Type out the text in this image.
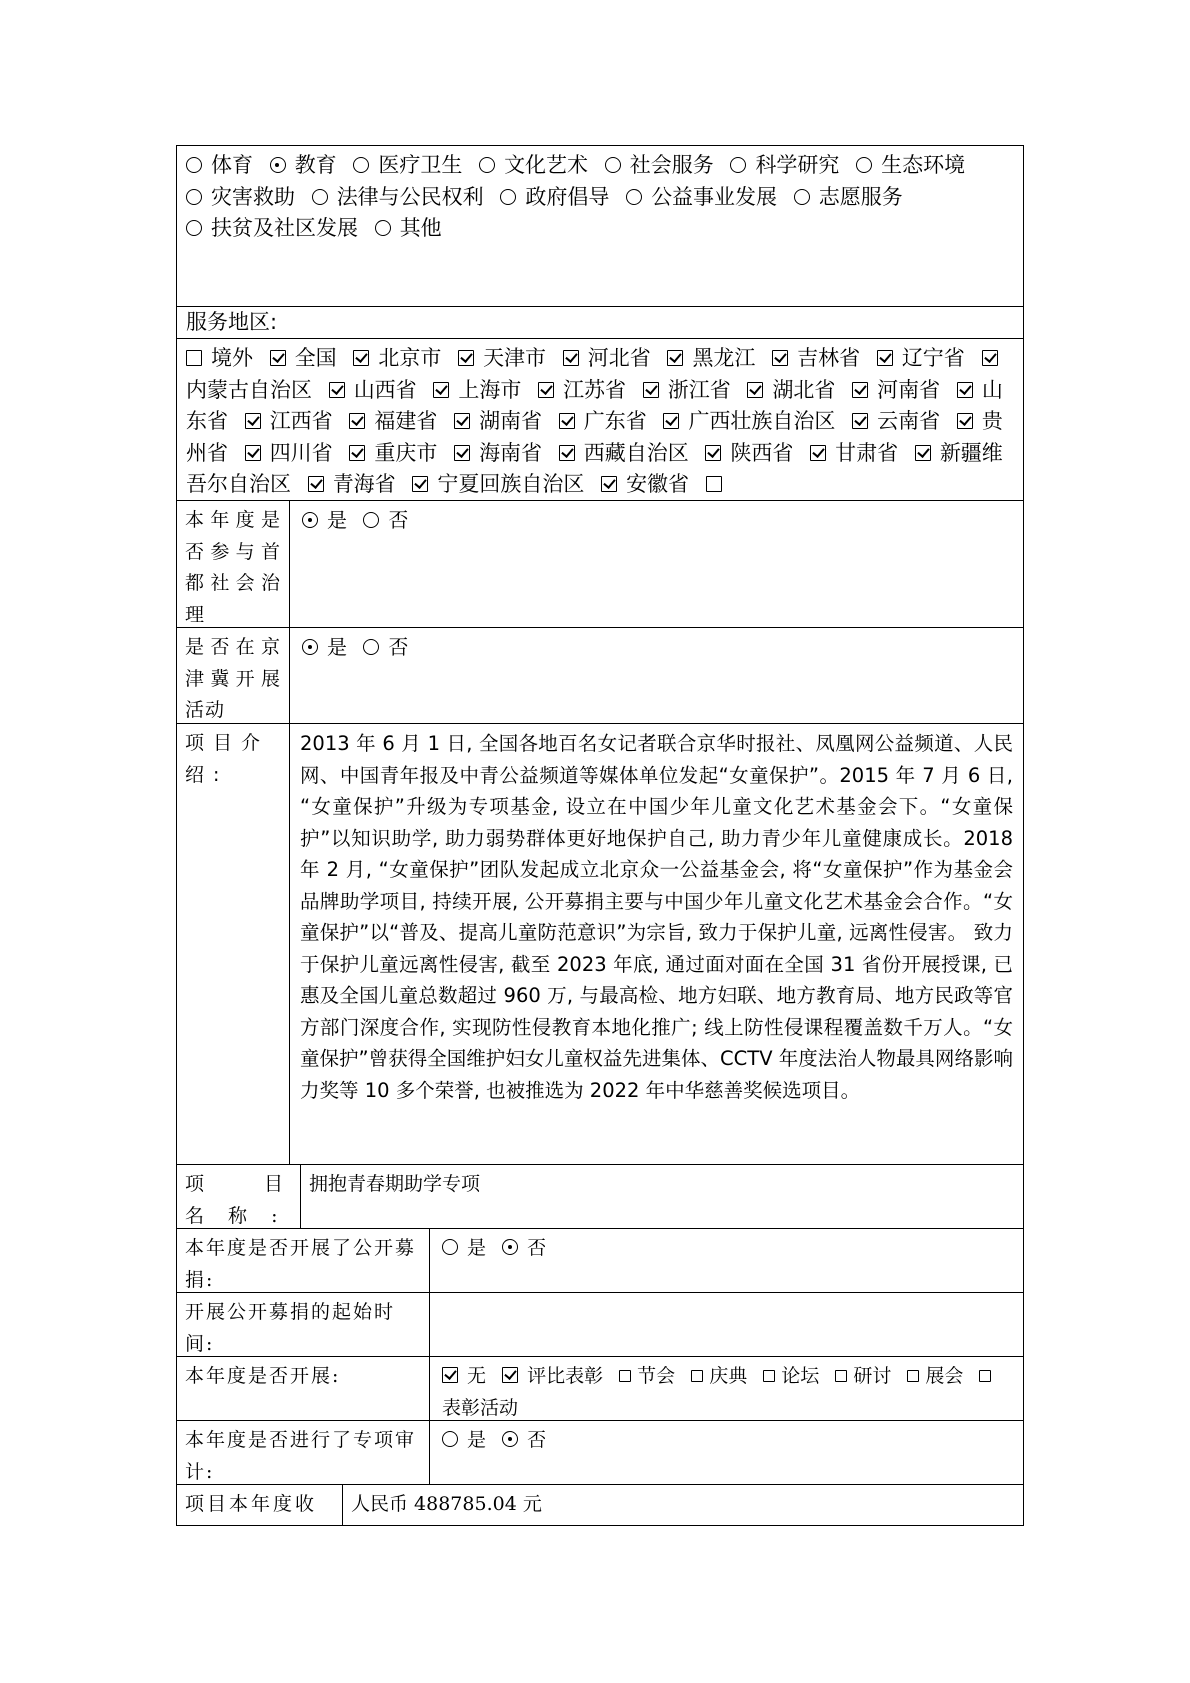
体育 教育 医疗卫生 文化艺术 社会服务 科学研究 生态环境 灾害救助 法律与公民权利 政府倡导 公益事业发展 志愿服务 扶贫及社区发展 其他
服务地区:
境外 全国 北京市 天津市 河北省 黑龙江 吉林省 辽宁省 内蒙古自治区 山西省 上海市 江苏省 浙江省 湖北省 河南省 山东省 江西省 福建省 湖南省 广东省 广西壮族自治区 云南省 贵州省 四川省 重庆市 海南省 西藏自治区 陕西省 甘肃省 新疆维吾尔自治区 青海省 宁夏回族自治区 安徽省
本年度是否参与首都社会治理
是 否
是否在京津冀开展活动
是 否
项目介绍:
2013 年 6 月 1 日, 全国各地百名女记者联合京华时报社、凤凰网公益频道、人民网、中国青年报及中青公益频道等媒体单位发起“女童保护”。2015 年 7 月 6 日, “女童保护”升级为专项基金, 设立在中国少年儿童文化艺术基金会下。“女童保护”以知识助学, 助力弱势群体更好地保护自己, 助力青少年儿童健康成长。2018 年 2 月, “女童保护”团队发起成立北京众一公益基金会, 将“女童保护”作为基金会品牌助学项目, 持续开展, 公开募捐主要与中国少年儿童文化艺术基金会合作。“女童保护”以“普及、提高儿童防范意识”为宗旨, 致力于保护儿童, 远离性侵害。 致力于保护儿童远离性侵害, 截至 2023 年底, 通过面对面在全国 31 省份开展授课, 已惠及全国儿童总数超过 960 万, 与最高检、地方妇联、地方教育局、地方民政等官方部门深度合作, 实现防性侵教育本地化推广; 线上防性侵课程覆盖数千万人。“女童保护”曾获得全国维护妇女儿童权益先进集体、CCTV 年度法治人物最具网络影响力奖等 10 多个荣誉, 也被推选为 2022 年中华慈善奖候选项目。
项 目 名 称 :
拥抱青春期助学专项
本年度是否开展了公开募捐:
是 否
开展公开募捐的起始时间:
本年度是否开展:	无 评比表彰 节会 庆典 论坛 研讨 展会 表彰活动
本年度是否进行了专项审计:
是 否
项目本年度收	人民币 488785.04 元
